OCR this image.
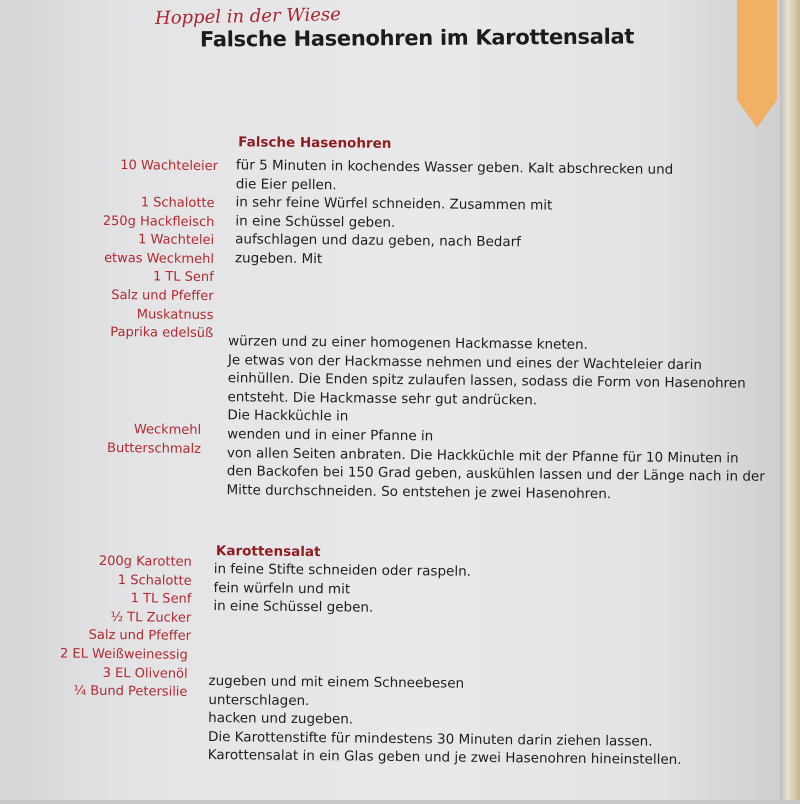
Hoppel in der Wiese
Falsche Hasenohren im Karottensalat
Falsche Hasenohren
10 Wachteleier
1 Schalotte
250g Hackfleisch
1 Wachtelei
etwas Weckmehl
1 TL Senf
Salz und Pfeffer
Muskatnuss
Paprika edelsüß
Weckmehl
Butterschmalz
für 5 Minuten in kochendes Wasser geben. Kalt abschrecken und
die Eier pellen.
in sehr feine Würfel schneiden. Zusammen mit
in eine Schüssel geben.
aufschlagen und dazu geben, nach Bedarf
zugeben. Mit
würzen und zu einer homogenen Hackmasse kneten.
Je etwas von der Hackmasse nehmen und eines der Wachteleier darin
einhüllen. Die Enden spitz zulaufen lassen, sodass die Form von Hasenohren
entsteht. Die Hackmasse sehr gut andrücken.
Die Hackküchle in
wenden und in einer Pfanne in
von allen Seiten anbraten. Die Hackküchle mit der Pfanne für 10 Minuten in
den Backofen bei 150 Grad geben, auskühlen lassen und der Länge nach in der
Mitte durchschneiden. So entstehen je zwei Hasenohren.
Karottensalat
200g Karotten
1 Schalotte
1 TL Senf
½ TL Zucker
Salz und Pfeffer
2 EL Weißweinessig
3 EL Olivenöl
¼ Bund Petersilie
in feine Stifte schneiden oder raspeln.
fein würfeln und mit
in eine Schüssel geben.
zugeben und mit einem Schneebesen
unterschlagen.
hacken und zugeben.
Die Karottenstifte für mindestens 30 Minuten darin ziehen lassen.
Karottensalat in ein Glas geben und je zwei Hasenohren hineinstellen.
